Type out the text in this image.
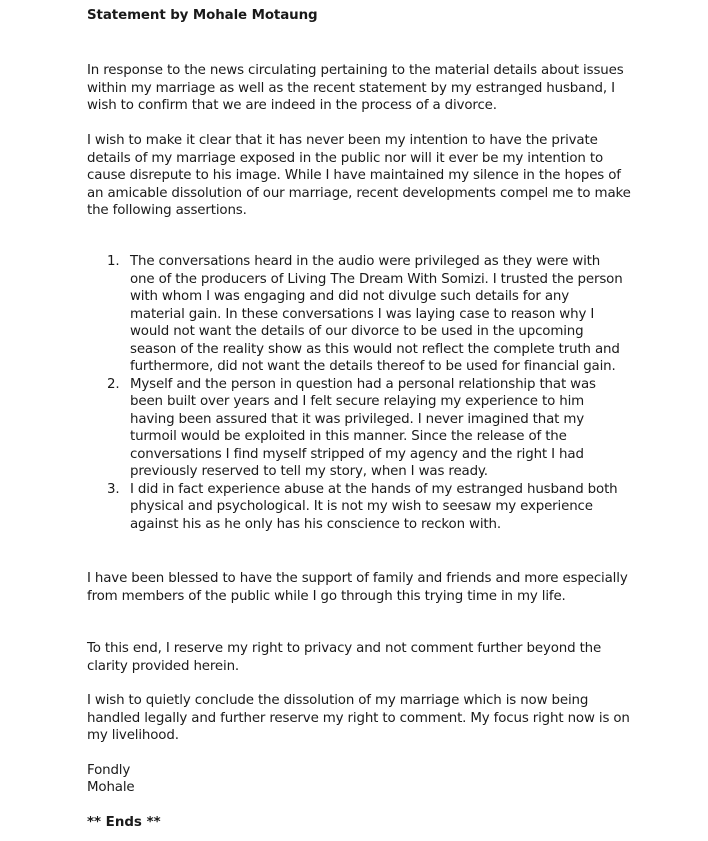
Statement by Mohale Motaung
In response to the news circulating pertaining to the material details about issues within my marriage as well as the recent statement by my estranged husband, I wish to confirm that we are indeed in the process of a divorce.
I wish to make it clear that it has never been my intention to have the private details of my marriage exposed in the public nor will it ever be my intention to cause disrepute to his image. While I have maintained my silence in the hopes of an amicable dissolution of our marriage, recent developments compel me to make the following assertions.
1. The conversations heard in the audio were privileged as they were with one of the producers of Living The Dream With Somizi. I trusted the person with whom I was engaging and did not divulge such details for any material gain. In these conversations I was laying case to reason why I would not want the details of our divorce to be used in the upcoming season of the reality show as this would not reflect the complete truth and furthermore, did not want the details thereof to be used for financial gain.
2. Myself and the person in question had a personal relationship that was been built over years and I felt secure relaying my experience to him having been assured that it was privileged. I never imagined that my turmoil would be exploited in this manner. Since the release of the conversations I find myself stripped of my agency and the right I had previously reserved to tell my story, when I was ready.
3. I did in fact experience abuse at the hands of my estranged husband both physical and psychological. It is not my wish to seesaw my experience against his as he only has his conscience to reckon with.
I have been blessed to have the support of family and friends and more especially from members of the public while I go through this trying time in my life.
To this end, I reserve my right to privacy and not comment further beyond the clarity provided herein.
I wish to quietly conclude the dissolution of my marriage which is now being handled legally and further reserve my right to comment. My focus right now is on my livelihood.
Fondly
Mohale
** Ends **
